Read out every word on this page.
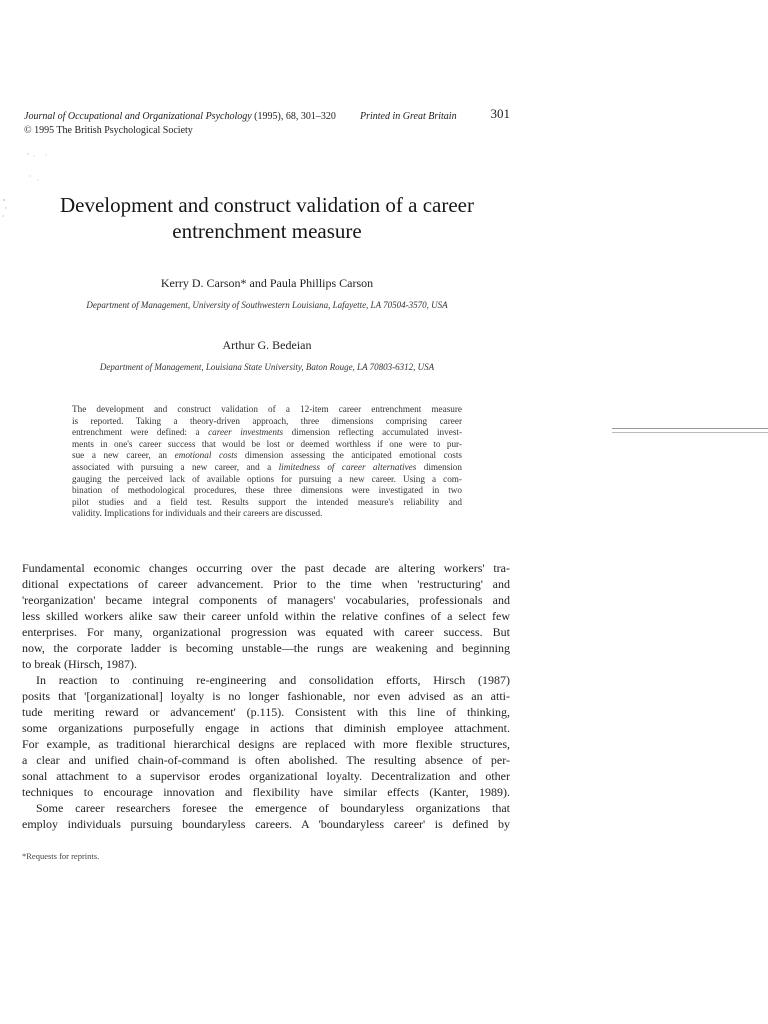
Journal of Occupational and Organizational Psychology (1995), 68, 301–320 Printed in Great Britain	301
© 1995 The British Psychological Society
Development and construct validation of a career
entrenchment measure
Kerry D. Carson* and Paula Phillips Carson
Department of Management, University of Southwestern Louisiana, Lafayette, LA 70504-3570, USA
Arthur G. Bedeian
Department of Management, Louisiana State University, Baton Rouge, LA 70803-6312, USA
The development and construct validation of a 12-item career entrenchment measure
is reported. Taking a theory-driven approach, three dimensions comprising career
entrenchment were defined: a career investments dimension reflecting accumulated invest-
ments in one's career success that would be lost or deemed worthless if one were to pur-
sue a new career, an emotional costs dimension assessing the anticipated emotional costs
associated with pursuing a new career, and a limitedness of career alternatives dimension
gauging the perceived lack of available options for pursuing a new career. Using a com-
bination of methodological procedures, these three dimensions were investigated in two
pilot studies and a field test. Results support the intended measure's reliability and
validity. Implications for individuals and their careers are discussed.
Fundamental economic changes occurring over the past decade are altering workers' tra-
ditional expectations of career advancement. Prior to the time when 'restructuring' and
'reorganization' became integral components of managers' vocabularies, professionals and
less skilled workers alike saw their career unfold within the relative confines of a select few
enterprises. For many, organizational progression was equated with career success. But
now, the corporate ladder is becoming unstable—the rungs are weakening and beginning
to break (Hirsch, 1987).
In reaction to continuing re-engineering and consolidation efforts, Hirsch (1987)
posits that '[organizational] loyalty is no longer fashionable, nor even advised as an atti-
tude meriting reward or advancement' (p.115). Consistent with this line of thinking,
some organizations purposefully engage in actions that diminish employee attachment.
For example, as traditional hierarchical designs are replaced with more flexible structures,
a clear and unified chain-of-command is often abolished. The resulting absence of per-
sonal attachment to a supervisor erodes organizational loyalty. Decentralization and other
techniques to encourage innovation and flexibility have similar effects (Kanter, 1989).
Some career researchers foresee the emergence of boundaryless organizations that
employ individuals pursuing boundaryless careers. A 'boundaryless career' is defined by
*Requests for reprints.
